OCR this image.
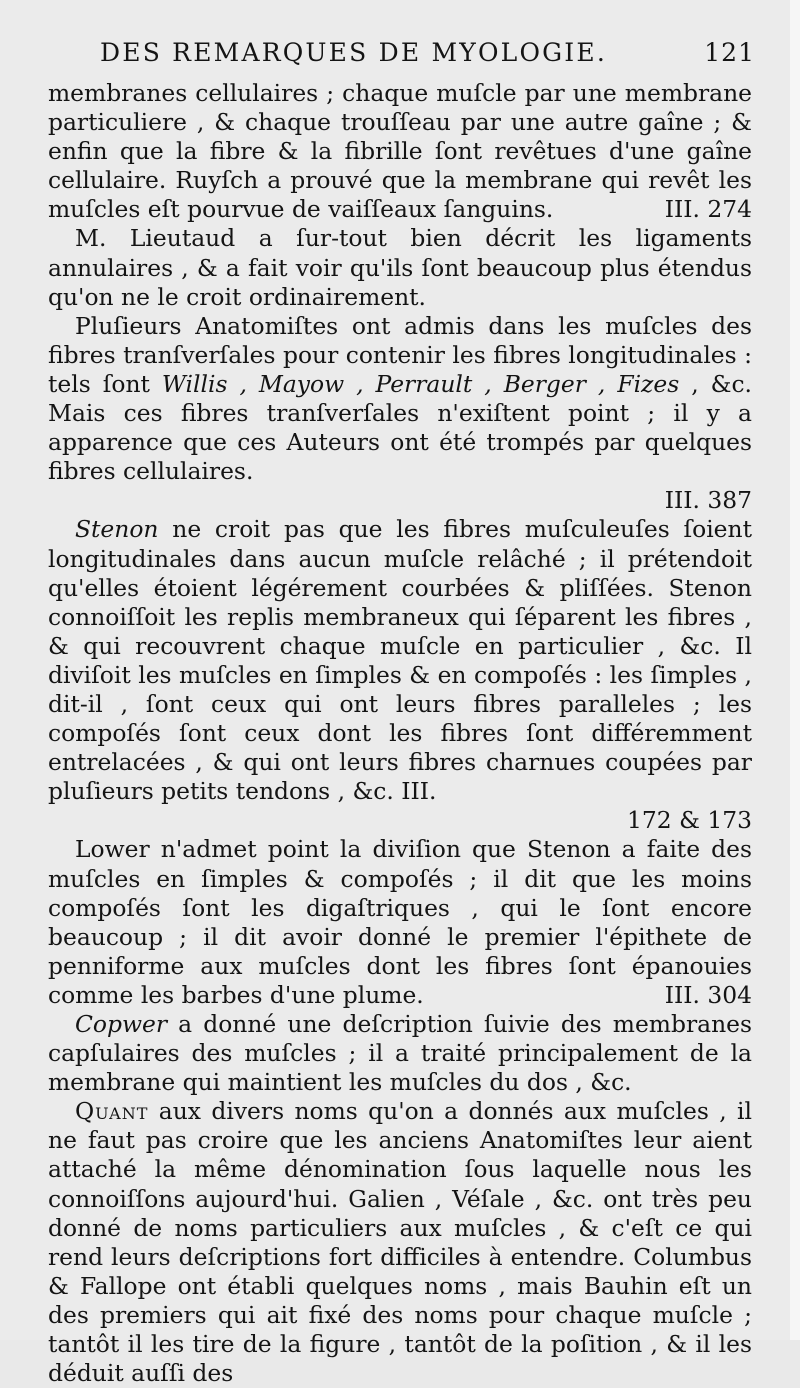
DES REMARQUES DE MYOLOGIE.	121

membranes cellulaires ; chaque muſcle par une membrane particuliere , & chaque trouſſeau par une autre gaîne ; & enfin que la fibre & la fibrille ſont revêtues d'une gaîne cellulaire. Ruyſch a prouvé que la membrane qui revêt les muſcles eſt pourvue de vaiſſeaux ſanguins.	III. 274

M. Lieutaud a ſur-tout bien décrit les ligaments annulaires , & a fait voir qu'ils ſont beaucoup plus étendus qu'on ne le croit ordinairement.

Pluſieurs Anatomiſtes ont admis dans les muſcles des fibres tranſverſales pour contenir les fibres longitudinales : tels ſont Willis , Mayow , Perrault , Berger , Fizes , &c. Mais ces fibres tranſverſales n'exiſtent point ; il y a apparence que ces Auteurs ont été trompés par quelques fibres cellulaires.
III. 387

Stenon ne croit pas que les fibres muſculeuſes ſoient longitudinales dans aucun muſcle relâché ; il prétendoit qu'elles étoient légérement courbées & pliſſées. Stenon connoiſſoit les replis membraneux qui ſéparent les fibres , & qui recouvrent chaque muſcle en particulier , &c. Il diviſoit les muſcles en ſimples & en compoſés : les ſimples , dit-il , ſont ceux qui ont leurs fibres paralleles ; les compoſés ſont ceux dont les fibres ſont différemment entrelacées , & qui ont leurs fibres charnues coupées par pluſieurs petits tendons , &c. III.
172 & 173

Lower n'admet point la diviſion que Stenon a faite des muſcles en ſimples & compoſés ; il dit que les moins compoſés ſont les digaſtriques , qui le ſont encore beaucoup ; il dit avoir donné le premier l'épithete de penniforme aux muſcles dont les fibres ſont épanouies comme les barbes d'une plume.	III. 304

Copwer a donné une deſcription ſuivie des membranes capſulaires des muſcles ; il a traité principalement de la membrane qui maintient les muſcles du dos , &c.

Quant aux divers noms qu'on a donnés aux muſcles , il ne faut pas croire que les anciens Anatomiſtes leur aient attaché la même dénomination ſous laquelle nous les connoiſſons aujourd'hui. Galien , Véſale , &c. ont très peu donné de noms particuliers aux muſcles , & c'eſt ce qui rend leurs deſcriptions fort difficiles à entendre. Columbus & Fallope ont établi quelques noms , mais Bauhin eſt un des premiers qui ait fixé des noms pour chaque muſcle ; tantôt il les tire de la figure , tantôt de la poſition , & il les déduit auſſi des
